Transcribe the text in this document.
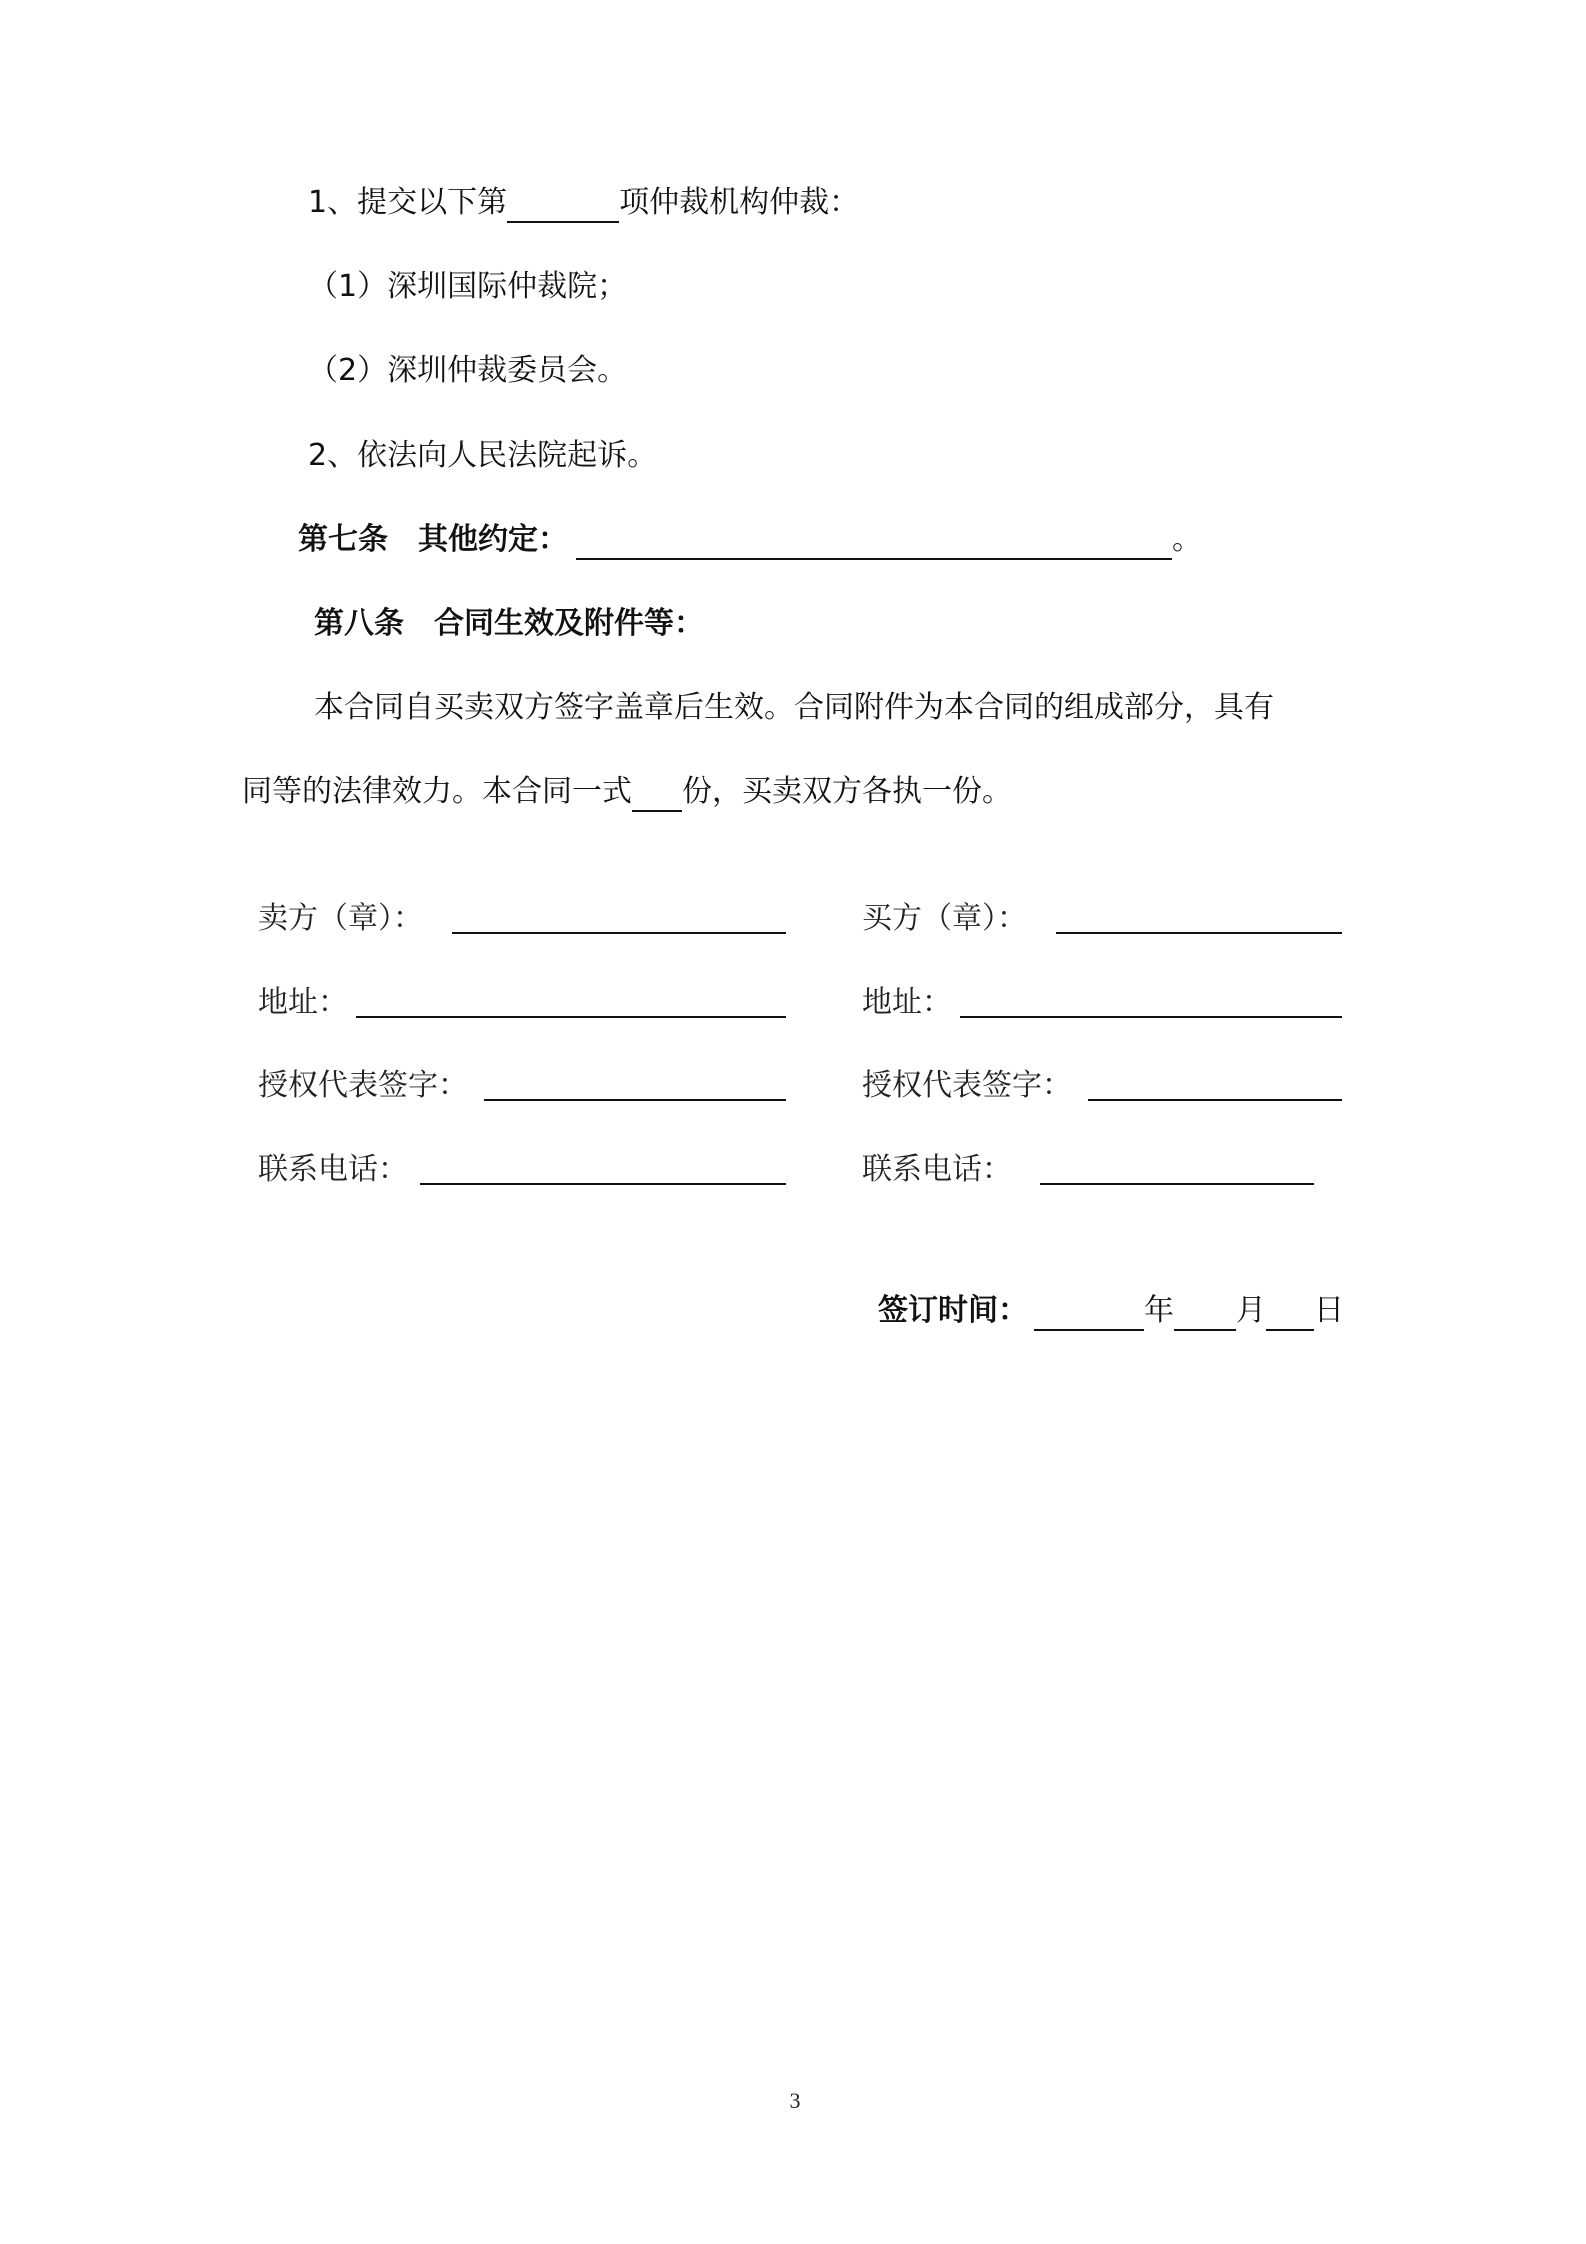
1、提交以下第	项仲裁机构仲裁：
（1）深圳国际仲裁院；
（2）深圳仲裁委员会。
2、依法向人民法院起诉。
第七条　其他约定：	。
第八条　合同生效及附件等：
本合同自买卖双方签字盖章后生效。合同附件为本合同的组成部分，具有
同等的法律效力。本合同一式 份，买卖双方各执一份。
卖方（章）：
地址：
授权代表签字：
联系电话：
买方（章）：
地址：
授权代表签字：
联系电话：
签订时间：	年 月 日
3
